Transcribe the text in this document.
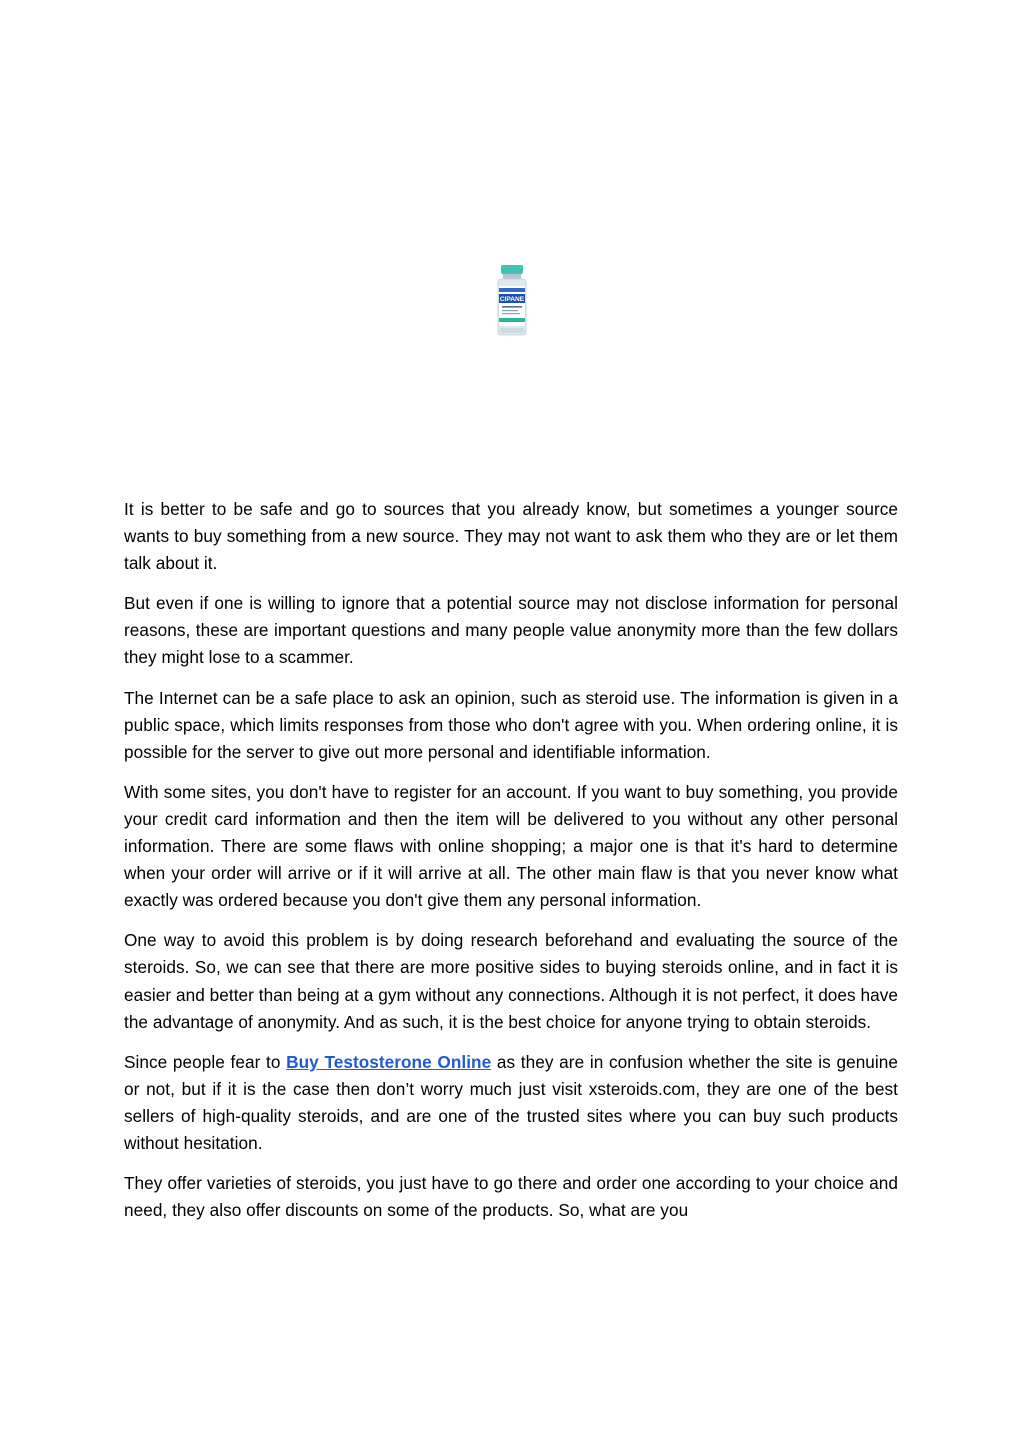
CIPANE

It is better to be safe and go to sources that you already know, but sometimes a younger source wants to buy something from a new source. They may not want to ask them who they are or let them talk about it.

But even if one is willing to ignore that a potential source may not disclose information for personal reasons, these are important questions and many people value anonymity more than the few dollars they might lose to a scammer.

The Internet can be a safe place to ask an opinion, such as steroid use. The information is given in a public space, which limits responses from those who don't agree with you. When ordering online, it is possible for the server to give out more personal and identifiable information.

With some sites, you don't have to register for an account. If you want to buy something, you provide your credit card information and then the item will be delivered to you without any other personal information. There are some flaws with online shopping; a major one is that it's hard to determine when your order will arrive or if it will arrive at all. The other main flaw is that you never know what exactly was ordered because you don't give them any personal information.

One way to avoid this problem is by doing research beforehand and evaluating the source of the steroids. So, we can see that there are more positive sides to buying steroids online, and in fact it is easier and better than being at a gym without any connections. Although it is not perfect, it does have the advantage of anonymity. And as such, it is the best choice for anyone trying to obtain steroids.

Since people fear to Buy Testosterone Online as they are in confusion whether the site is genuine or not, but if it is the case then don’t worry much just visit xsteroids.com, they are one of the best sellers of high-quality steroids, and are one of the trusted sites where you can buy such products without hesitation.

They offer varieties of steroids, you just have to go there and order one according to your choice and need, they also offer discounts on some of the products. So, what are you
